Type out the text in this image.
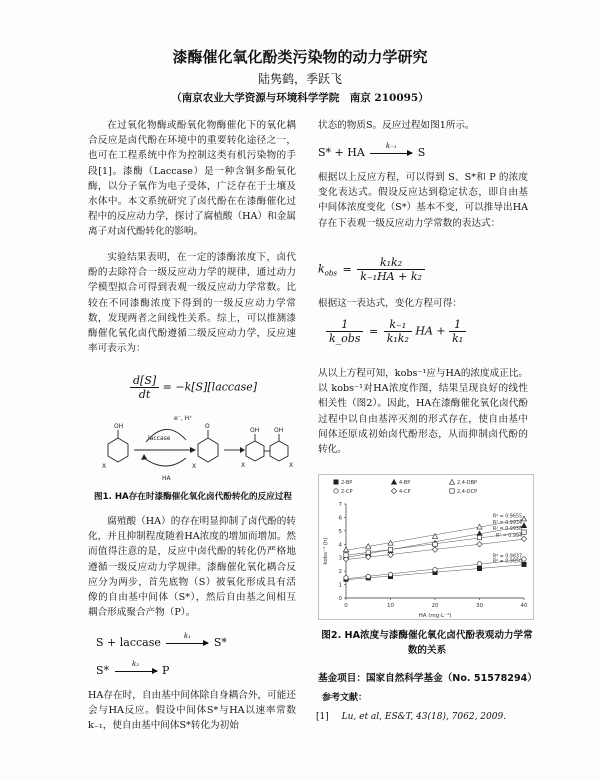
漆酶催化氧化酚类污染物的动力学研究
陆隽鹤，季跃飞
（南京农业大学资源与环境科学学院　南京 210095）

在过氧化物酶或酚氧化物酶催化下的氧化耦合反应是卤代酚在环境中的重要转化途径之一，也可在工程系统中作为控制这类有机污染物的手段[1]。漆酶（Laccase）是一种含铜多酚氧化酶，以分子氧作为电子受体，广泛存在于土壤及水体中。本文系统研究了卤代酚在在漆酶催化过程中的反应动力学，探讨了腐植酸（HA）和金属离子对卤代酚转化的影响。

实验结果表明，在一定的漆酶浓度下，卤代酚的去除符合一级反应动力学的规律，通过动力学模型拟合可得到表观一级反应动力学常数。比较在不同漆酶浓度下得到的一级反应动力学常数，发现两者之间线性关系。综上，可以推测漆酶催化氧化卤代酚遵循二级反应动力学，反应速率可表示为：

$\frac{d[S]}{dt}$ = −k[S][laccase]
OH	O
OH OH
e⁻, H⁺
laccase
HA
X	X	X	X
图1. HA存在时漆酶催化氧化卤代酚转化的反应过程

腐殖酸（HA）的存在明显抑制了卤代酚的转化，并且抑制程度随着HA浓度的增加而增加。然而值得注意的是，反应中卤代酚的转化仍严格地遵循一级反应动力学规律。漆酶催化氧化耦合反应分为两步，首先底物（S）被氧化形成具有活像的自由基中间体（S*），然后自由基之间相互耦合形成聚合产物（P）。

S + laccase
k₁
S*
S*
k₂
P

HA存在时，自由基中间体除自身耦合外，可能还会与HA反应。假设中间体S*与HA以速率常数k₋₁，使自由基中间体S*转化为初始

状态的物质S。反应过程如图1所示。

S* + HA
k₋₁
S

根据以上反应方程，可以得到 S、S*和 P 的浓度变化表达式。假设反应达到稳定状态，即自由基中间体浓度变化（S*）基本不变，可以推导出HA存在下表观一级反应动力学常数的表达式：

$k_{obs} = \frac{\text{k₁k₂}}{\text{k₋₁HA + k₂}}$

根据这一表达式，变化方程可得：

$\frac{1}{\text{k\_obs}} = \frac{\text{k₋₁}}{\text{k₁k₂}}$ HA + $\frac{1}{\text{k₁}}$

从以上方程可知，kobs⁻¹应与HA的浓度成正比。以 kobs⁻¹对HA浓度作图，结果呈现良好的线性相关性（图2）。因此，HA在漆酶催化氧化卤代酚过程中以自由基淬灭剂的形式存在，使自由基中间体还原成初始卤代酚形态，从而抑制卤代酚的转化。

0	10	20	30	40
0
1
2
3
4
5
6
7
HA (mg·L⁻¹)
kobs⁻¹ (h)	R² = 0.9850
2-BP
R² = 0.9934
4-BP
R² = 0.9655
2,4-DBP
R² = 0.9837
2-CP
R² = 0.994
4-CP
R² = 0.9938
2,4-DCP
图2. HA浓度与漆酶催化氧化卤代酚表观动力学常数的关系
基金项目：国家自然科学基金（No. 51578294）
参考文献：
[1] Lu, et al, ES&T, 43(18), 7062, 2009.
